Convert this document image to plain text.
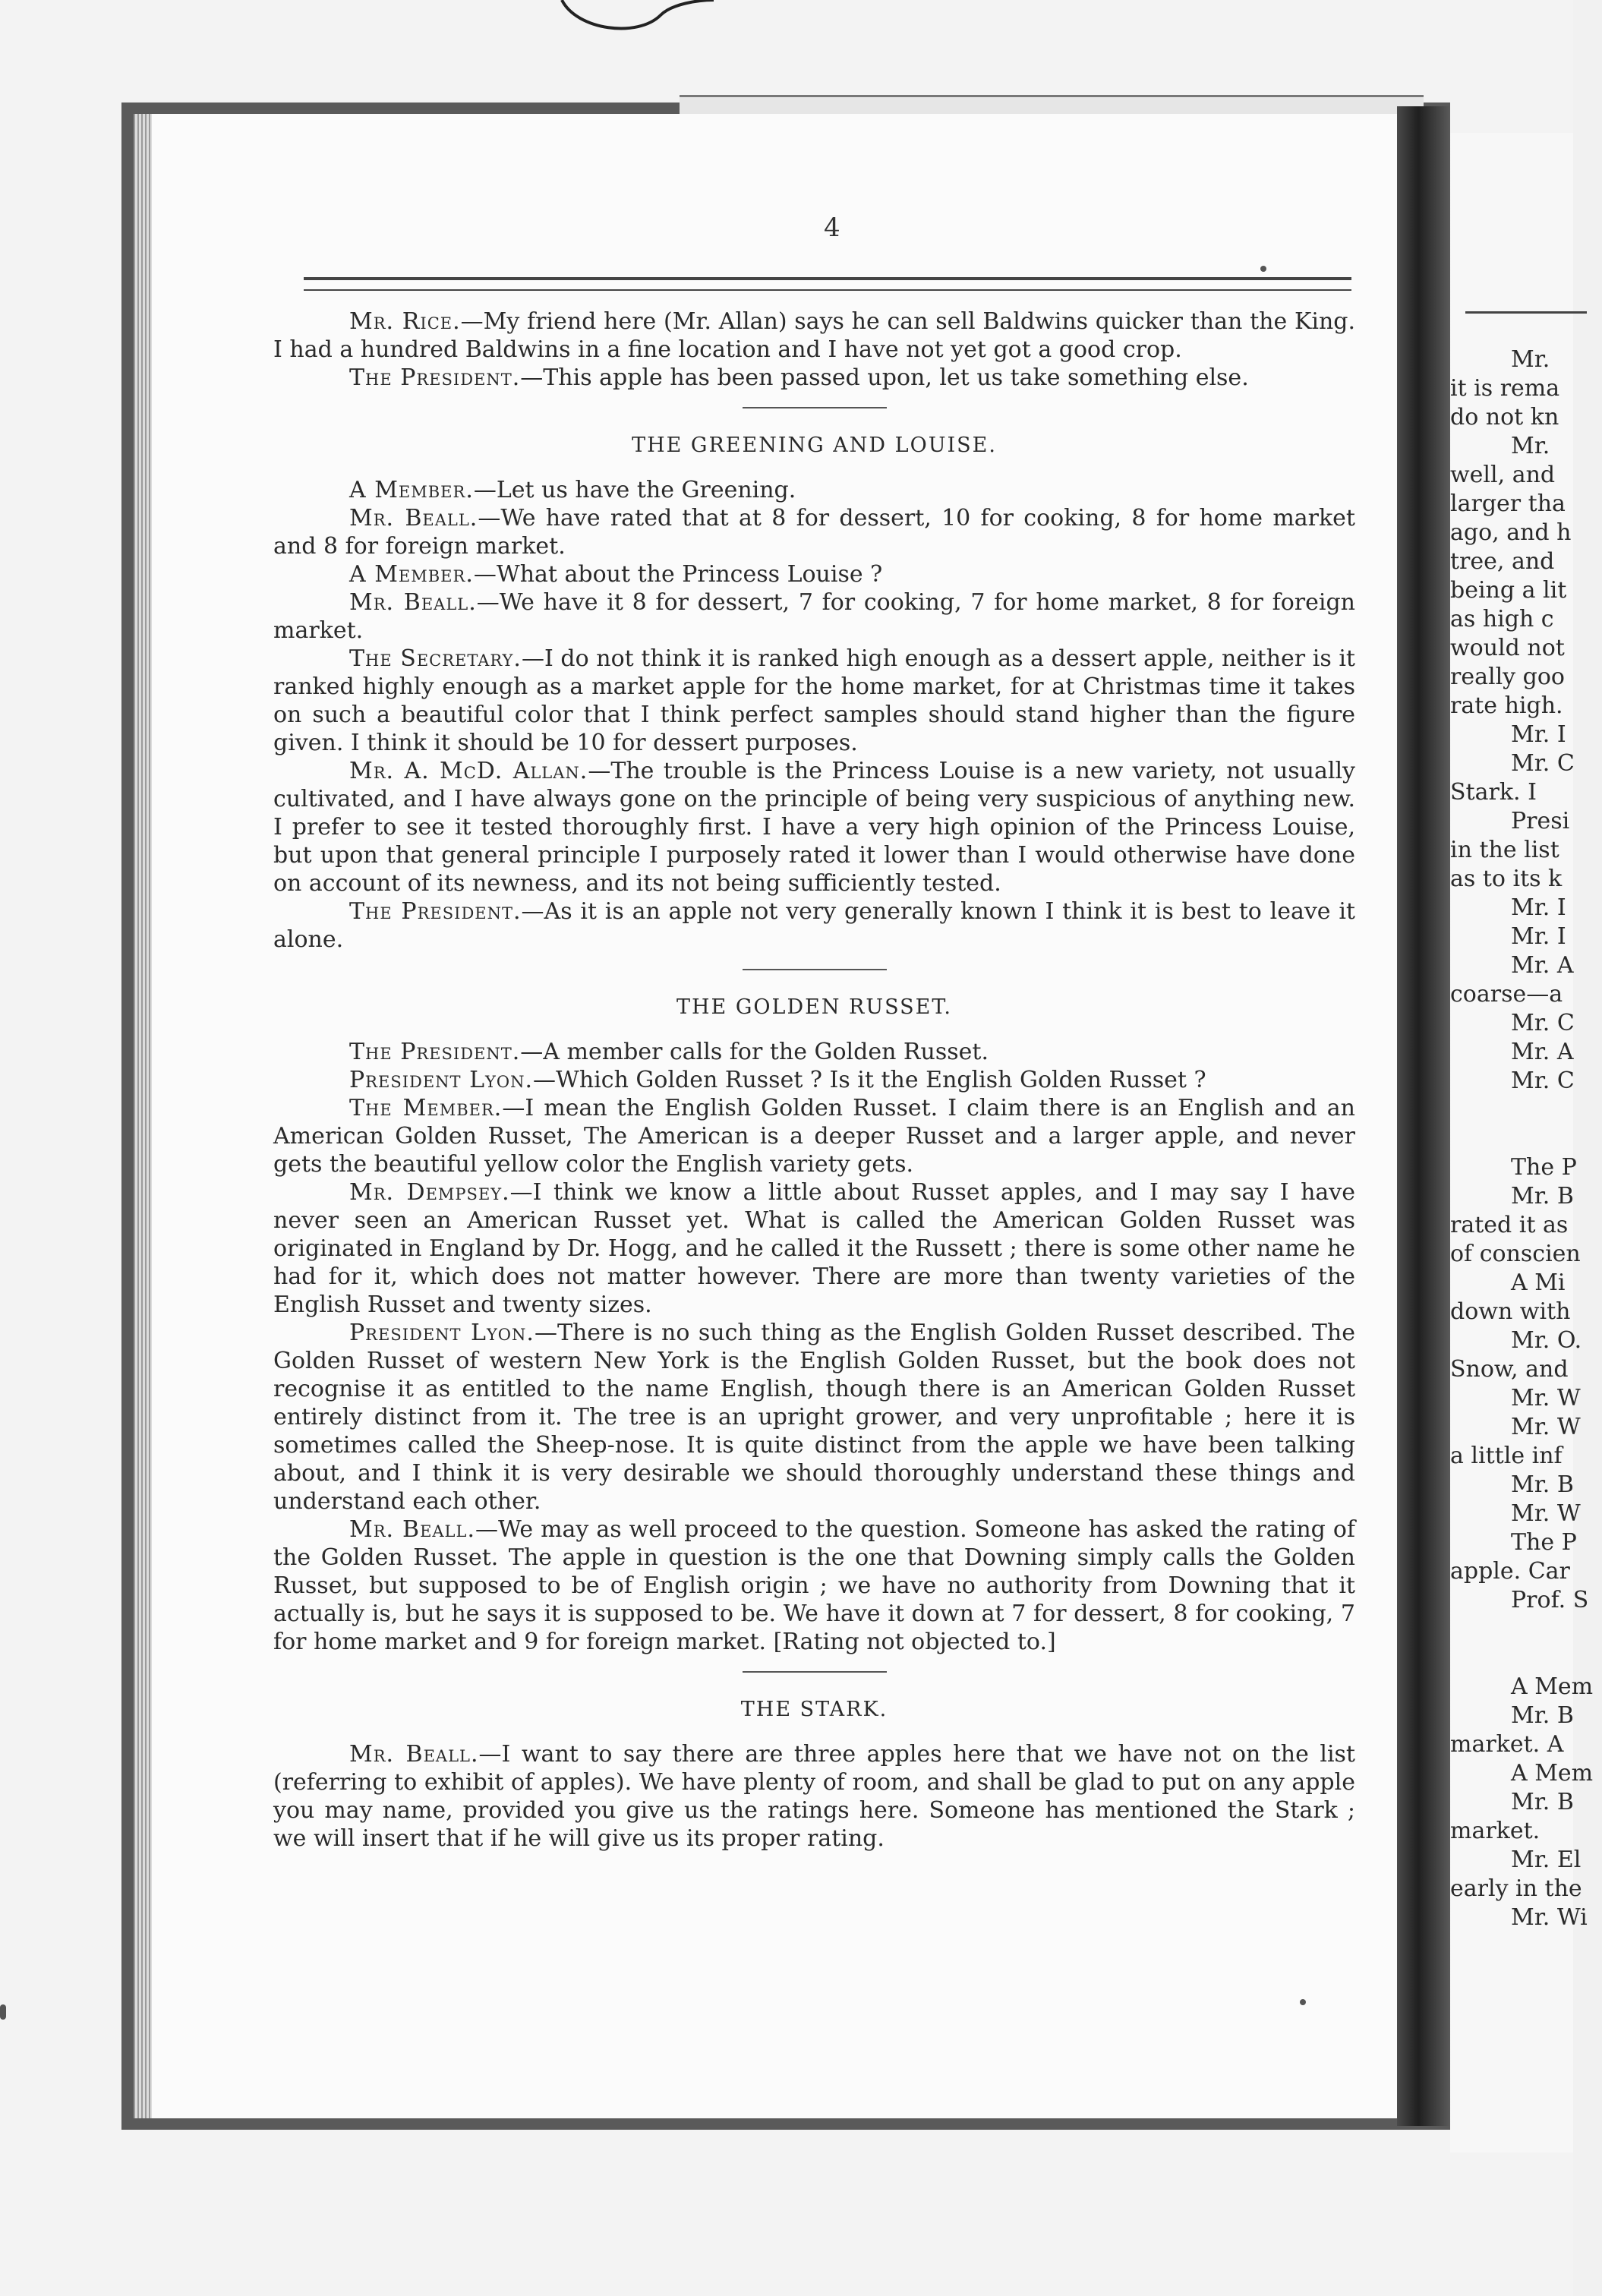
Mr.
it is rema
do not kn
Mr.
well, and
larger tha
ago, and h
tree, and
being a lit
as high c
would not
really goo
rate high.
Mr. I
Mr. C
Stark. I
Presi
in the list
as to its k
Mr. I
Mr. I
Mr. A
coarse—a
Mr. C
Mr. A
Mr. C
The P
Mr. B
rated it as
of conscien
A Mi
down with
Mr. O.
Snow, and
Mr. W
Mr. W
a little inf
Mr. B
Mr. W
The P
apple. Car
Prof. S
A Mem
Mr. B
market. A
A Mem
Mr. B
market.
Mr. El
early in the
Mr. Wi
4

Mr. Rice.—My friend here (Mr. Allan) says he can sell Baldwins quicker than the King. I had a hundred Baldwins in a fine location and I have not yet got a good crop.

The President.—This apple has been passed upon, let us take something else.

THE GREENING AND LOUISE.

A Member.—Let us have the Greening.

Mr. Beall.—We have rated that at 8 for dessert, 10 for cooking, 8 for home market and 8 for foreign market.

A Member.—What about the Princess Louise ?

Mr. Beall.—We have it 8 for dessert, 7 for cooking, 7 for home market, 8 for foreign market.

The Secretary.—I do not think it is ranked high enough as a dessert apple, neither is it ranked highly enough as a market apple for the home market, for at Christmas time it takes on such a beautiful color that I think perfect samples should stand higher than the figure given. I think it should be 10 for dessert purposes.

Mr. A. McD. Allan.—The trouble is the Princess Louise is a new variety, not usually cultivated, and I have always gone on the principle of being very suspicious of anything new. I prefer to see it tested thoroughly first. I have a very high opinion of the Princess Louise, but upon that general principle I purposely rated it lower than I would otherwise have done on account of its newness, and its not being sufficiently tested.

The President.—As it is an apple not very generally known I think it is best to leave it alone.

THE GOLDEN RUSSET.

The President.—A member calls for the Golden Russet.

President Lyon.—Which Golden Russet ? Is it the English Golden Russet ?

The Member.—I mean the English Golden Russet. I claim there is an English and an American Golden Russet, The American is a deeper Russet and a larger apple, and never gets the beautiful yellow color the English variety gets.

Mr. Dempsey.—I think we know a little about Russet apples, and I may say I have never seen an American Russet yet. What is called the American Golden Russet was originated in England by Dr. Hogg, and he called it the Russett ; there is some other name he had for it, which does not matter however. There are more than twenty varieties of the English Russet and twenty sizes.

President Lyon.—There is no such thing as the English Golden Russet described. The Golden Russet of western New York is the English Golden Russet, but the book does not recognise it as entitled to the name English, though there is an American Golden Russet entirely distinct from it. The tree is an upright grower, and very unprofitable ; here it is sometimes called the Sheep-nose. It is quite distinct from the apple we have been talking about, and I think it is very desirable we should thoroughly understand these things and understand each other.

Mr. Beall.—We may as well proceed to the question. Someone has asked the rating of the Golden Russet. The apple in question is the one that Downing simply calls the Golden Russet, but supposed to be of English origin ; we have no authority from Downing that it actually is, but he says it is supposed to be. We have it down at 7 for dessert, 8 for cooking, 7 for home market and 9 for foreign market. [Rating not objected to.]

THE STARK.

Mr. Beall.—I want to say there are three apples here that we have not on the list (referring to exhibit of apples). We have plenty of room, and shall be glad to put on any apple you may name, provided you give us the ratings here. Someone has mentioned the Stark ; we will insert that if he will give us its proper rating.
